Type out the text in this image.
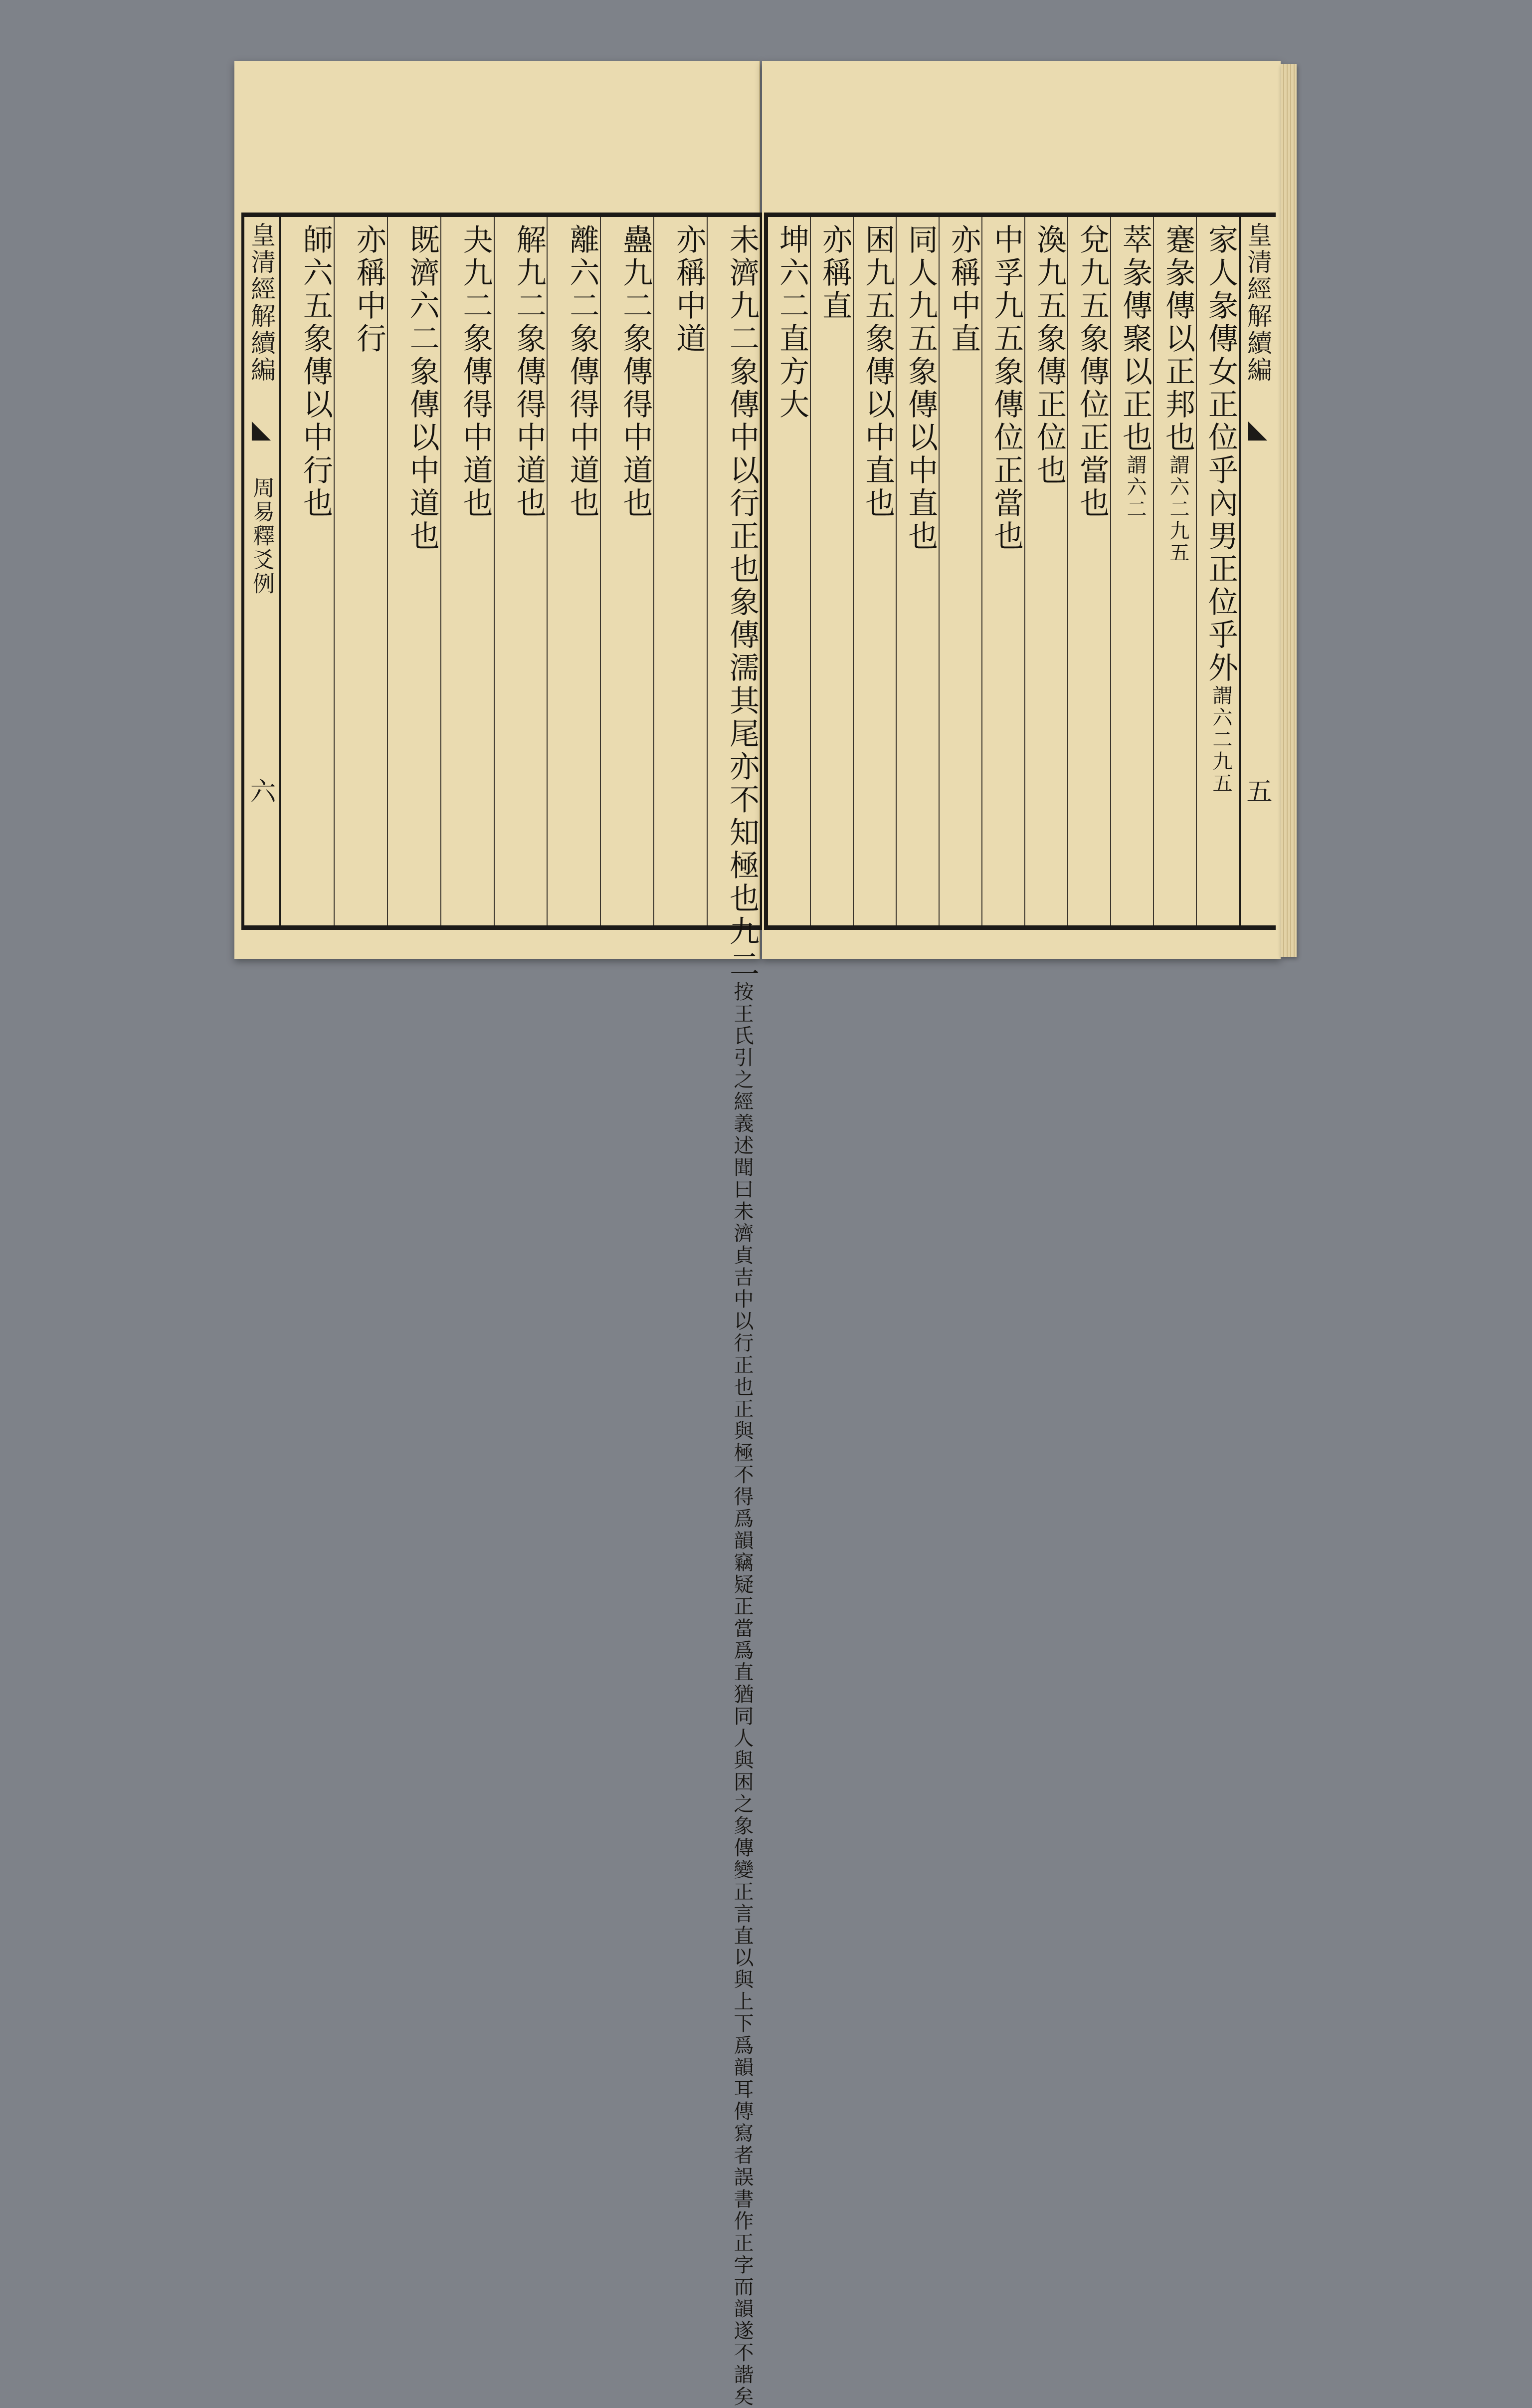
皇清經解續編 ◣ 周易釋爻例
六	未濟九二象傳中以行正也象傳濡其尾亦不知極也九二按王氏引之經義述聞曰未濟貞吉中以行正也正與極不得爲韻竊疑正當爲直猶同人與困之象傳變正言直以與上下爲韻耳傳寫者誤書作正字而韻遂不諧矣
亦稱中道
蠱九二象傳得中道也
離六二象傳得中道也
解九二象傳得中道也
夬九二象傳得中道也
既濟六二象傳以中道也
亦稱中行
師六五象傳以中行也	皇清經解續編 ◣
五
家人彖傳女正位乎內男正位乎外謂六二九五
蹇彖傳以正邦也謂六二九五
萃彖傳聚以正也謂六二
兌九五象傳位正當也
渙九五象傳正位也
中孚九五象傳位正當也
亦稱中直
同人九五象傳以中直也
困九五象傳以中直也
亦稱直
坤六二直方大
